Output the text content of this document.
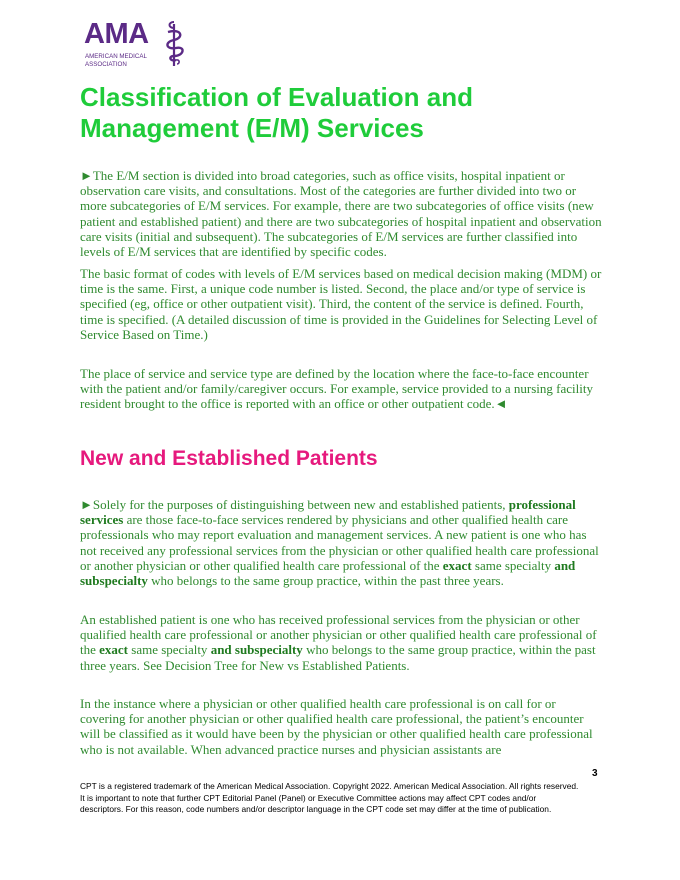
AMA
AMERICAN MEDICAL
ASSOCIATION
Classification of Evaluation and Management (E/M) Services

►The E/M section is divided into broad categories, such as office visits, hospital inpatient or observation care visits, and consultations. Most of the categories are further divided into two or more subcategories of E/M services. For example, there are two subcategories of office visits (new patient and established patient) and there are two subcategories of hospital inpatient and observation care visits (initial and subsequent). The subcategories of E/M services are further classified into levels of E/M services that are identified by specific codes.

The basic format of codes with levels of E/M services based on medical decision making (MDM) or time is the same. First, a unique code number is listed. Second, the place and/or type of service is specified (eg, office or other outpatient visit). Third, the content of the service is defined. Fourth, time is specified. (A detailed discussion of time is provided in the Guidelines for Selecting Level of Service Based on Time.)

The place of service and service type are defined by the location where the face-to-face encounter with the patient and/or family/caregiver occurs. For example, service provided to a nursing facility resident brought to the office is reported with an office or other outpatient code.◄

New and Established Patients

►Solely for the purposes of distinguishing between new and established patients, professional services are those face-to-face services rendered by physicians and other qualified health care professionals who may report evaluation and management services. A new patient is one who has not received any professional services from the physician or other qualified health care professional or another physician or other qualified health care professional of the exact same specialty and subspecialty who belongs to the same group practice, within the past three years.

An established patient is one who has received professional services from the physician or other qualified health care professional or another physician or other qualified health care professional of the exact same specialty and subspecialty who belongs to the same group practice, within the past three years. See Decision Tree for New vs Established Patients.

In the instance where a physician or other qualified health care professional is on call for or covering for another physician or other qualified health care professional, the patient’s encounter will be classified as it would have been by the physician or other qualified health care professional who is not available. When advanced practice nurses and physician assistants are

3

CPT is a registered trademark of the American Medical Association. Copyright 2022. American Medical Association. All rights reserved. It is important to note that further CPT Editorial Panel (Panel) or Executive Committee actions may affect CPT codes and/or descriptors. For this reason, code numbers and/or descriptor language in the CPT code set may differ at the time of publication.
